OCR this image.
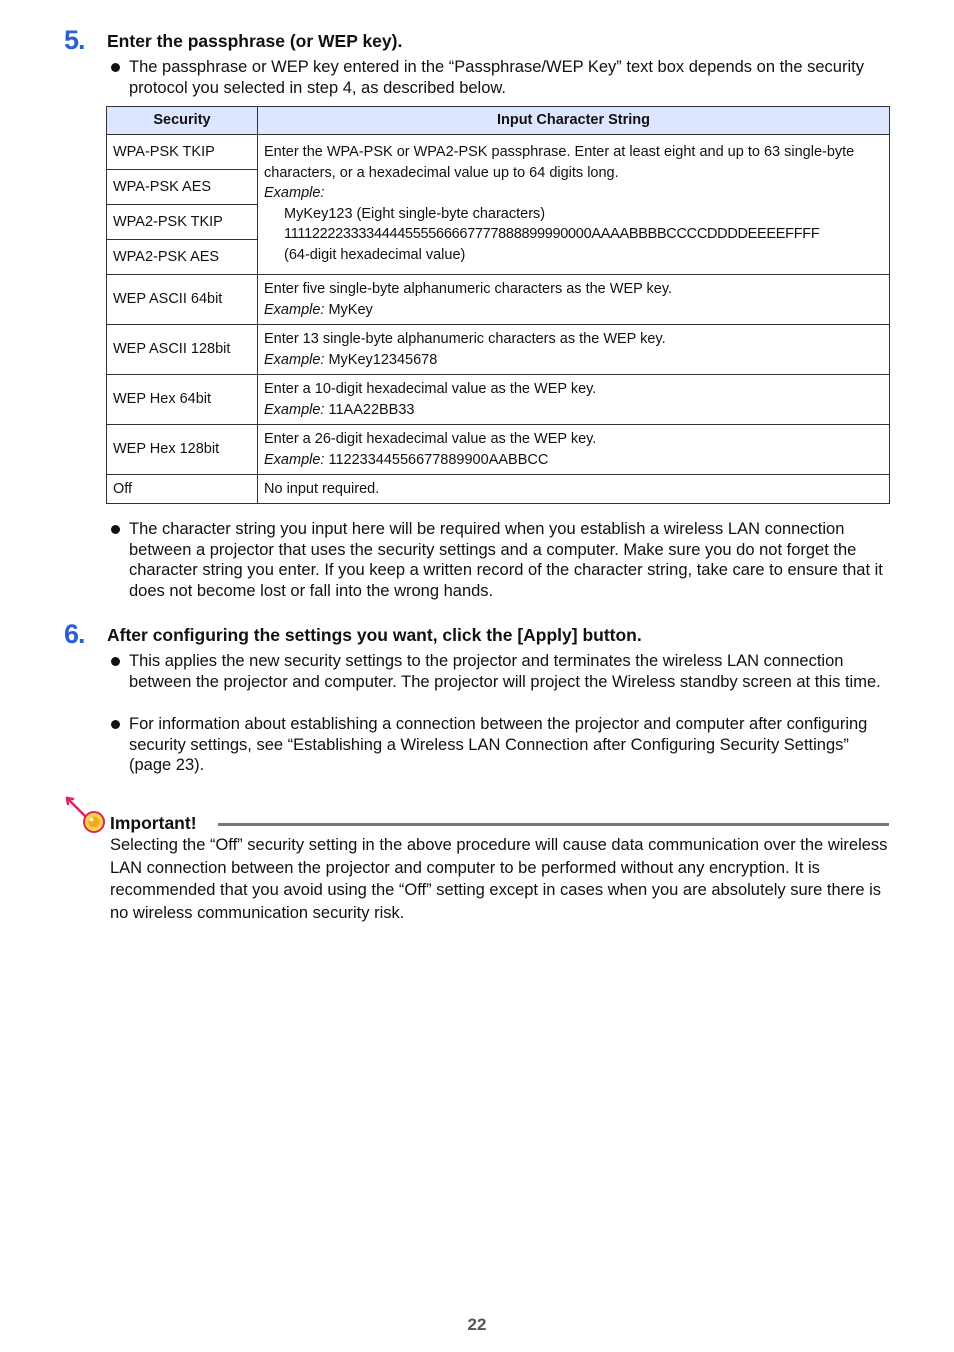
5. Enter the passphrase (or WEP key).
The passphrase or WEP key entered in the “Passphrase/WEP Key” text box depends on the security protocol you selected in step 4, as described below.
Security	Input Character String
WPA-PSK TKIP	Enter the WPA-PSK or WPA2-PSK passphrase. Enter at least eight and up to 63 single-byte characters, or a hexadecimal value up to 64 digits long.
Example:
MyKey123 (Eight single-byte characters)
1111222233334444555566667777888899990000AAAABBBBCCCCDDDDEEEEFFFF
(64-digit hexadecimal value)

WPA-PSK AES	
WPA2-PSK TKIP	
WPA2-PSK AES	
WEP ASCII 64bit	Enter five single-byte alphanumeric characters as the WEP key.
Example: MyKey

WEP ASCII 128bit	Enter 13 single-byte alphanumeric characters as the WEP key.
Example: MyKey12345678

WEP Hex 64bit	Enter a 10-digit hexadecimal value as the WEP key.
Example: 11AA22BB33

WEP Hex 128bit	Enter a 26-digit hexadecimal value as the WEP key.
Example: 11223344556677889900AABBCC

Off	No input required.
The character string you input here will be required when you establish a wireless LAN connection between a projector that uses the security settings and a computer. Make sure you do not forget the character string you enter. If you keep a written record of the character string, take care to ensure that it does not become lost or fall into the wrong hands.
6. After configuring the settings you want, click the [Apply] button.
This applies the new security settings to the projector and terminates the wireless LAN connection between the projector and computer. The projector will project the Wireless standby screen at this time.
For information about establishing a connection between the projector and computer after configuring security settings, see “Establishing a Wireless LAN Connection after Configuring Security Settings” (page 23).
Important!
Selecting the “Off” security setting in the above procedure will cause data communication over the wireless LAN connection between the projector and computer to be performed without any encryption. It is recommended that you avoid using the “Off” setting except in cases when you are absolutely sure there is no wireless communication security risk.
22
